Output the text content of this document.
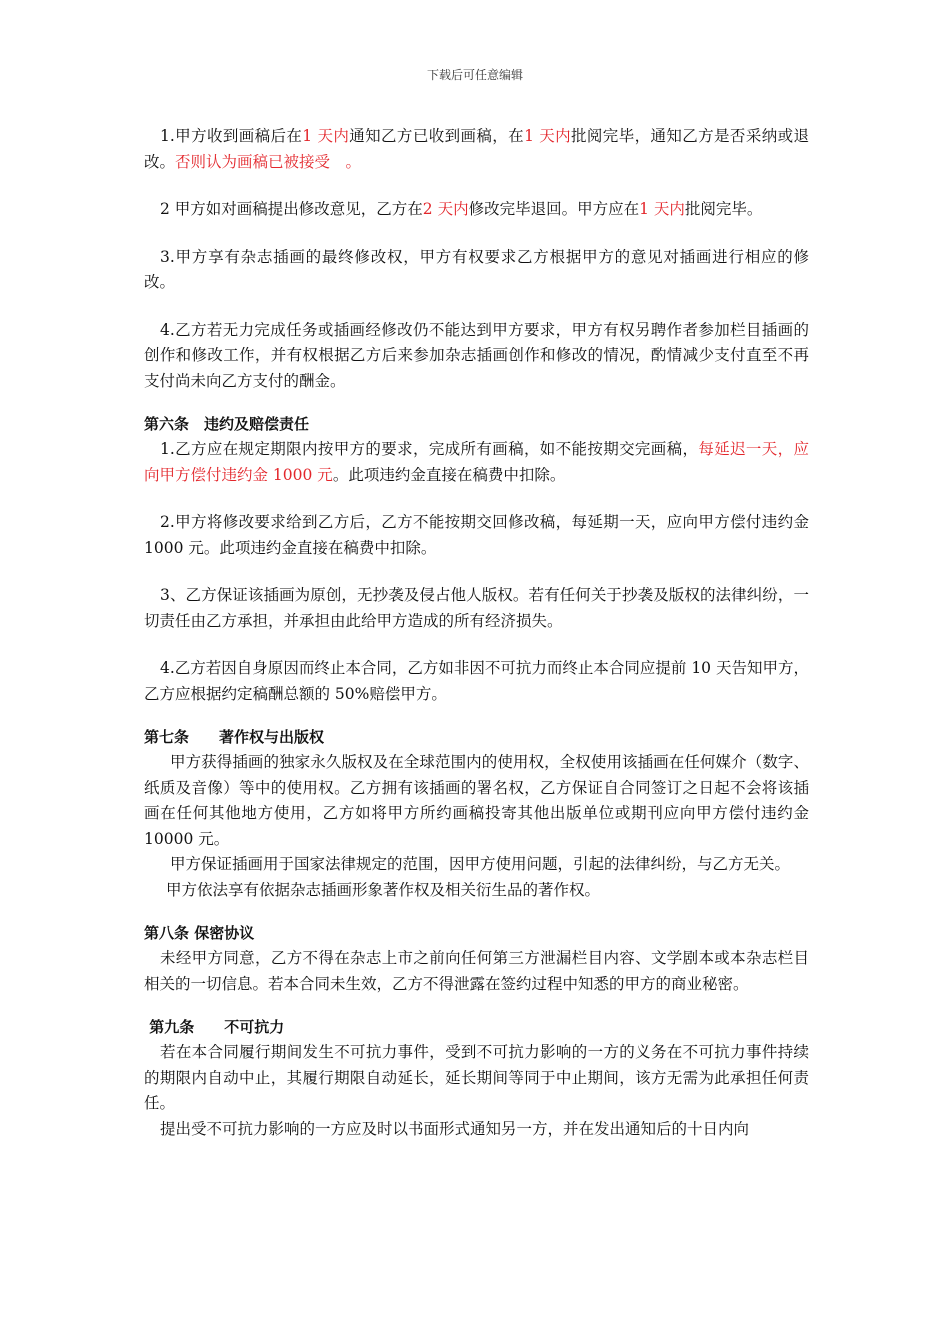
下载后可任意编辑

1.甲方收到画稿后在1 天内通知乙方已收到画稿，在1 天内批阅完毕，通知乙方是否采纳或退改。否则认为画稿已被接受　。

2 甲方如对画稿提出修改意见，乙方在2 天内修改完毕退回。甲方应在1 天内批阅完毕。

3.甲方享有杂志插画的最终修改权，甲方有权要求乙方根据甲方的意见对插画进行相应的修改。

4.乙方若无力完成任务或插画经修改仍不能达到甲方要求，甲方有权另聘作者参加栏目插画的创作和修改工作，并有权根据乙方后来参加杂志插画创作和修改的情况，酌情减少支付直至不再支付尚未向乙方支付的酬金。

第六条　违约及赔偿责任

1.乙方应在规定期限内按甲方的要求，完成所有画稿，如不能按期交完画稿，每延迟一天，应向甲方偿付违约金 1000 元。此项违约金直接在稿费中扣除。

2.甲方将修改要求给到乙方后，乙方不能按期交回修改稿，每延期一天，应向甲方偿付违约金 1000 元。此项违约金直接在稿费中扣除。

3、乙方保证该插画为原创，无抄袭及侵占他人版权。若有任何关于抄袭及版权的法律纠纷，一切责任由乙方承担，并承担由此给甲方造成的所有经济损失。

4.乙方若因自身原因而终止本合同，乙方如非因不可抗力而终止本合同应提前 10 天告知甲方，乙方应根据约定稿酬总额的 50%赔偿甲方。

第七条　　著作权与出版权

甲方获得插画的独家永久版权及在全球范围内的使用权，全权使用该插画在任何媒介（数字、纸质及音像）等中的使用权。乙方拥有该插画的署名权，乙方保证自合同签订之日起不会将该插画在任何其他地方使用，乙方如将甲方所约画稿投寄其他出版单位或期刊应向甲方偿付违约金 10000 元。

甲方保证插画用于国家法律规定的范围，因甲方使用问题，引起的法律纠纷，与乙方无关。

甲方依法享有依据杂志插画形象著作权及相关衍生品的著作权。

第八条 保密协议

未经甲方同意，乙方不得在杂志上市之前向任何第三方泄漏栏目内容、文学剧本或本杂志栏目相关的一切信息。若本合同未生效，乙方不得泄露在签约过程中知悉的甲方的商业秘密。

第九条　　不可抗力

若在本合同履行期间发生不可抗力事件，受到不可抗力影响的一方的义务在不可抗力事件持续的期限内自动中止，其履行期限自动延长，延长期间等同于中止期间，该方无需为此承担任何责任。

提出受不可抗力影响的一方应及时以书面形式通知另一方，并在发出通知后的十日内向
